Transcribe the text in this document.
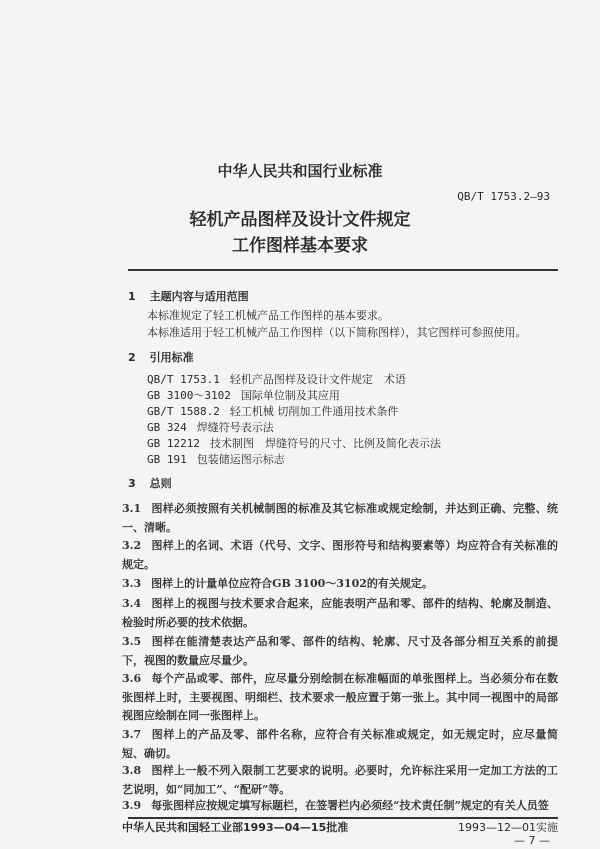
中华人民共和国行业标准
QB/T 1753.2—93
轻机产品图样及设计文件规定
工作图样基本要求
1 主题内容与适用范围
本标准规定了轻工机械产品工作图样的基本要求。
本标准适用于轻工机械产品工作图样（以下简称图样），其它图样可参照使用。
2 引用标准
QB/T 1753.1 轻机产品图样及设计文件规定　术语
GB 3100～3102 国际单位制及其应用
GB/T 1588.2 轻工机械 切削加工件通用技术条件
GB 324 焊缝符号表示法
GB 12212 技术制图　焊缝符号的尺寸、比例及简化表示法
GB 191 包装储运图示标志
3 总则
3.1 图样必须按照有关机械制图的标准及其它标准或规定绘制，并达到正确、完整、统一、清晰。
3.2 图样上的名词、术语（代号、文字、图形符号和结构要素等）均应符合有关标准的规定。
3.3 图样上的计量单位应符合GB 3100～3102的有关规定。
3.4 图样上的视图与技术要求合起来，应能表明产品和零、部件的结构、轮廓及制造、检验时所必要的技术依据。
3.5 图样在能清楚表达产品和零、部件的结构、轮廓、尺寸及各部分相互关系的前提下，视图的数量应尽量少。
3.6 每个产品或零、部件，应尽量分别绘制在标准幅面的单张图样上。当必须分布在数张图样上时，主要视图、明细栏、技术要求一般应置于第一张上。其中同一视图中的局部视图应绘制在同一张图样上。
3.7 图样上的产品及零、部件名称，应符合有关标准或规定，如无规定时，应尽量简短、确切。
3.8 图样上一般不列入限制工艺要求的说明。必要时，允许标注采用一定加工方法的工艺说明，如“同加工”、“配研”等。
3.9 每张图样应按规定填写标题栏，在签署栏内必须经“技术责任制”规定的有关人员签
中华人民共和国轻工业部1993—04—15批准	1993—12—01实施
— 7 —
